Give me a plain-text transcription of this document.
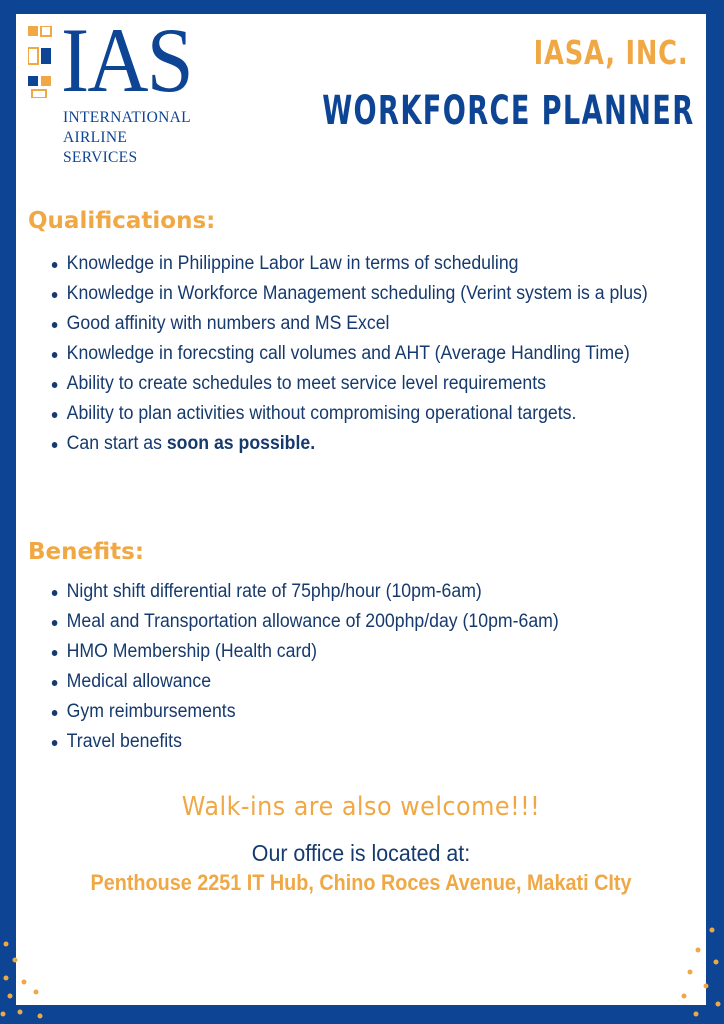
IAS
INTERNATIONAL
AIRLINE
SERVICES
IASA, INC.
WORKFORCE PLANNER
Qualifications:
Knowledge in Philippine Labor Law in terms of scheduling
Knowledge in Workforce Management scheduling (Verint system is a plus)
Good affinity with numbers and MS Excel
Knowledge in forecsting call volumes and AHT (Average Handling Time)
Ability to create schedules to meet service level requirements
Ability to plan activities without compromising operational targets.
Can start as soon as possible.
Benefits:
Night shift differential rate of 75php/hour (10pm-6am)
Meal and Transportation allowance of 200php/day (10pm-6am)
HMO Membership (Health card)
Medical allowance
Gym reimbursements
Travel benefits
Walk-ins are also welcome!!!
Our office is located at:
Penthouse 2251 IT Hub, Chino Roces Avenue, Makati CIty
